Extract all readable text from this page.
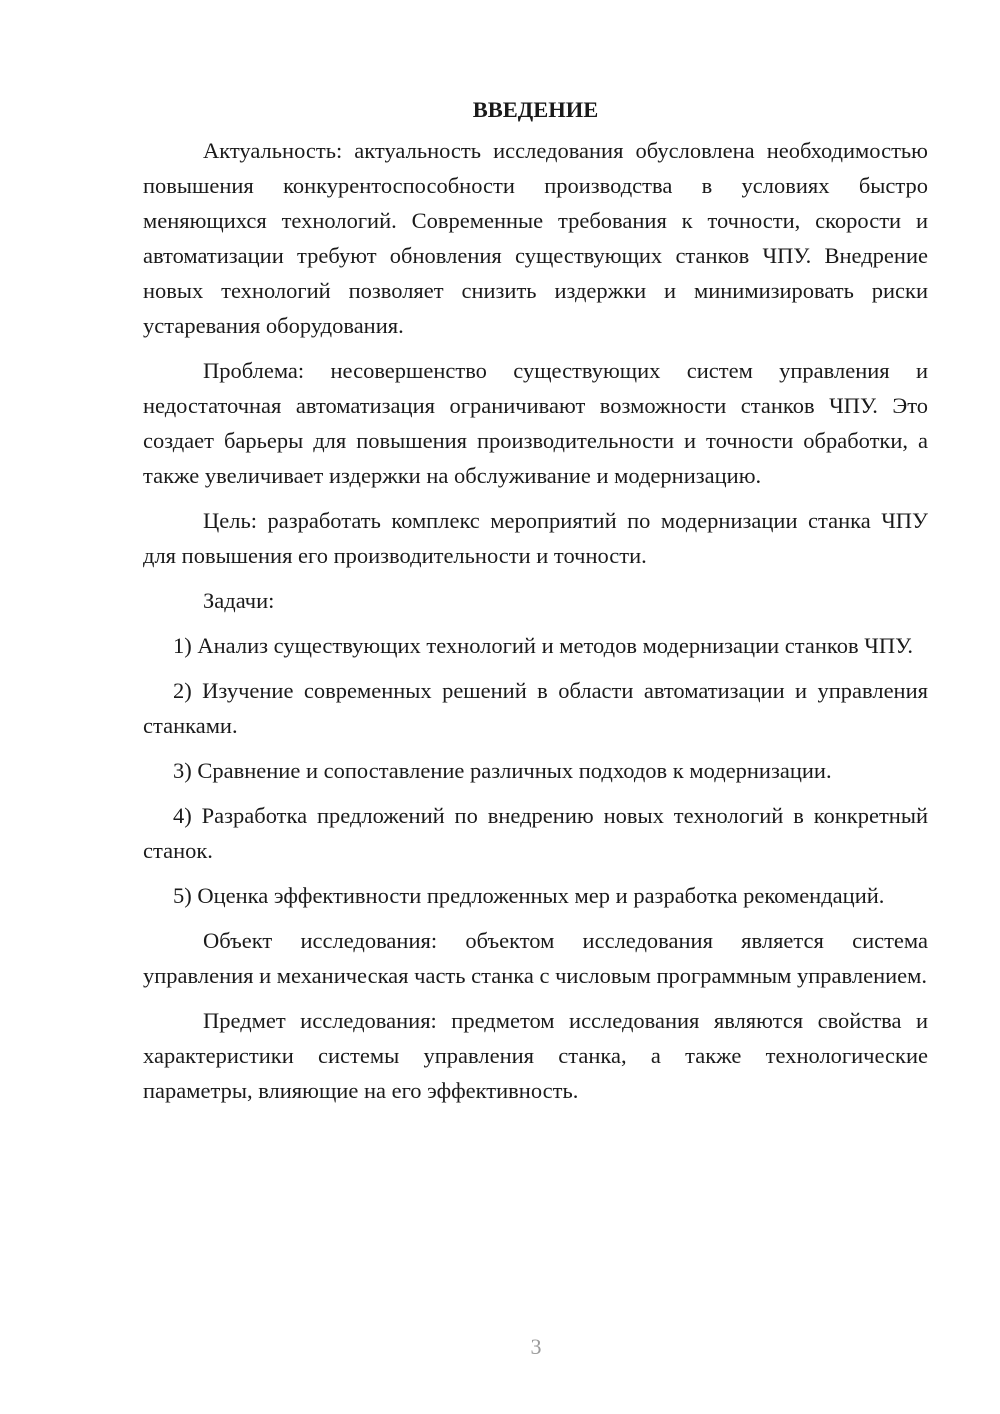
ВВЕДЕНИЕ

Актуальность: актуальность исследования обусловлена необходимостью повышения конкурентоспособности производства в условиях быстро меняющихся технологий. Современные требования к точности, скорости и автоматизации требуют обновления существующих станков ЧПУ. Внедрение новых технологий позволяет снизить издержки и минимизировать риски устаревания оборудования.

Проблема: несовершенство существующих систем управления и недостаточная автоматизация ограничивают возможности станков ЧПУ. Это создает барьеры для повышения производительности и точности обработки, а также увеличивает издержки на обслуживание и модернизацию.

Цель: разработать комплекс мероприятий по модернизации станка ЧПУ для повышения его производительности и точности.

Задачи:

1) Анализ существующих технологий и методов модернизации станков ЧПУ.

2) Изучение современных решений в области автоматизации и управления станками.

3) Сравнение и сопоставление различных подходов к модернизации.

4) Разработка предложений по внедрению новых технологий в конкретный станок.

5) Оценка эффективности предложенных мер и разработка рекомендаций.

Объект исследования: объектом исследования является система управления и механическая часть станка с числовым программным управлением.

Предмет исследования: предметом исследования являются свойства и характеристики системы управления станка, а также технологические параметры, влияющие на его эффективность.

3
